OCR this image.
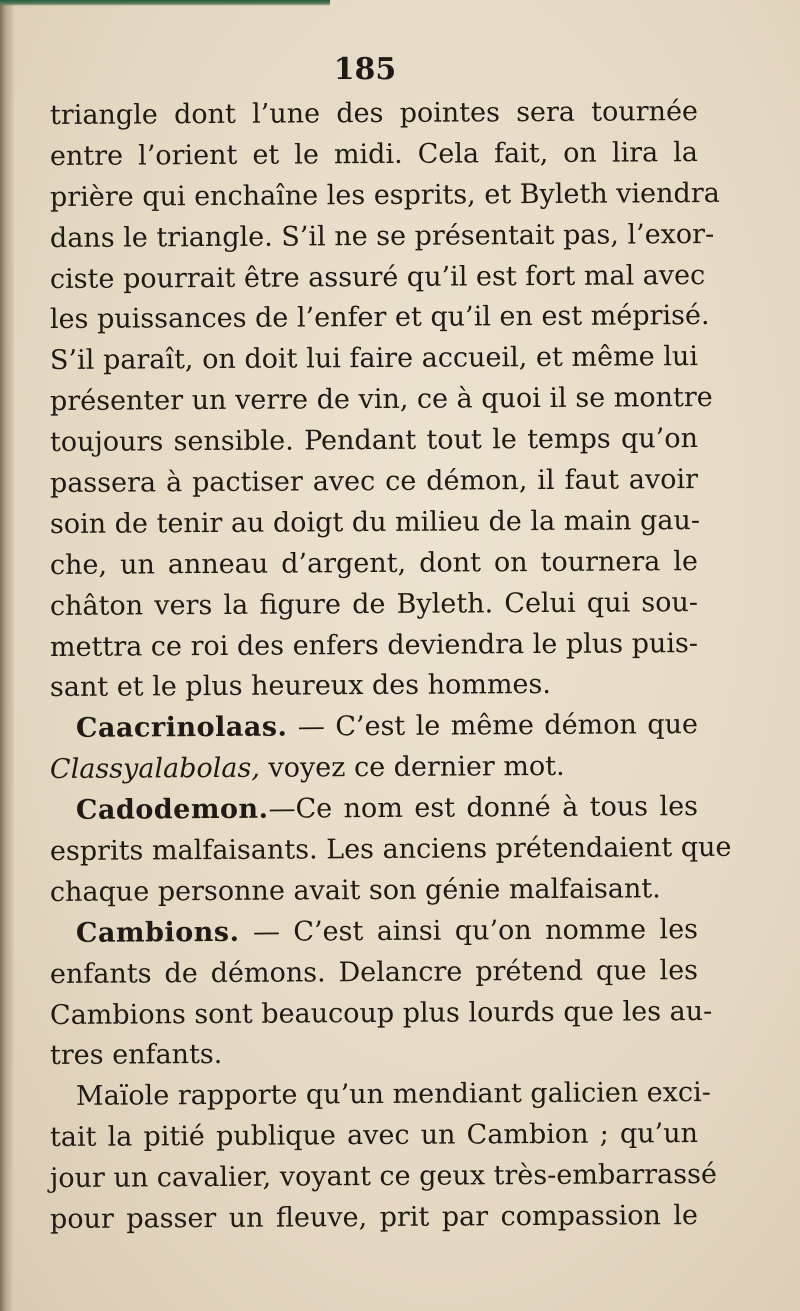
185
triangle dont l’une des pointes sera tournée
entre l’orient et le midi. Cela fait, on lira la
prière qui enchaîne les esprits, et Byleth viendra
dans le triangle. S’il ne se présentait pas, l’exor-
ciste pourrait être assuré qu’il est fort mal avec
les puissances de l’enfer et qu’il en est méprisé.
S’il paraît, on doit lui faire accueil, et même lui
présenter un verre de vin, ce à quoi il se montre
toujours sensible. Pendant tout le temps qu’on
passera à pactiser avec ce démon, il faut avoir
soin de tenir au doigt du milieu de la main gau-
che, un anneau d’argent, dont on tournera le
châton vers la figure de Byleth. Celui qui sou-
mettra ce roi des enfers deviendra le plus puis-
sant et le plus heureux des hommes.
Caacrinolaas. — C’est le même démon que
Classyalabolas, voyez ce dernier mot.
Cadodemon.—Ce nom est donné à tous les
esprits malfaisants. Les anciens prétendaient que
chaque personne avait son génie malfaisant.
Cambions. — C’est ainsi qu’on nomme les
enfants de démons. Delancre prétend que les
Cambions sont beaucoup plus lourds que les au-
tres enfants.
Maïole rapporte qu’un mendiant galicien exci-
tait la pitié publique avec un Cambion ; qu’un
jour un cavalier, voyant ce geux très-embarrassé
pour passer un fleuve, prit par compassion le
